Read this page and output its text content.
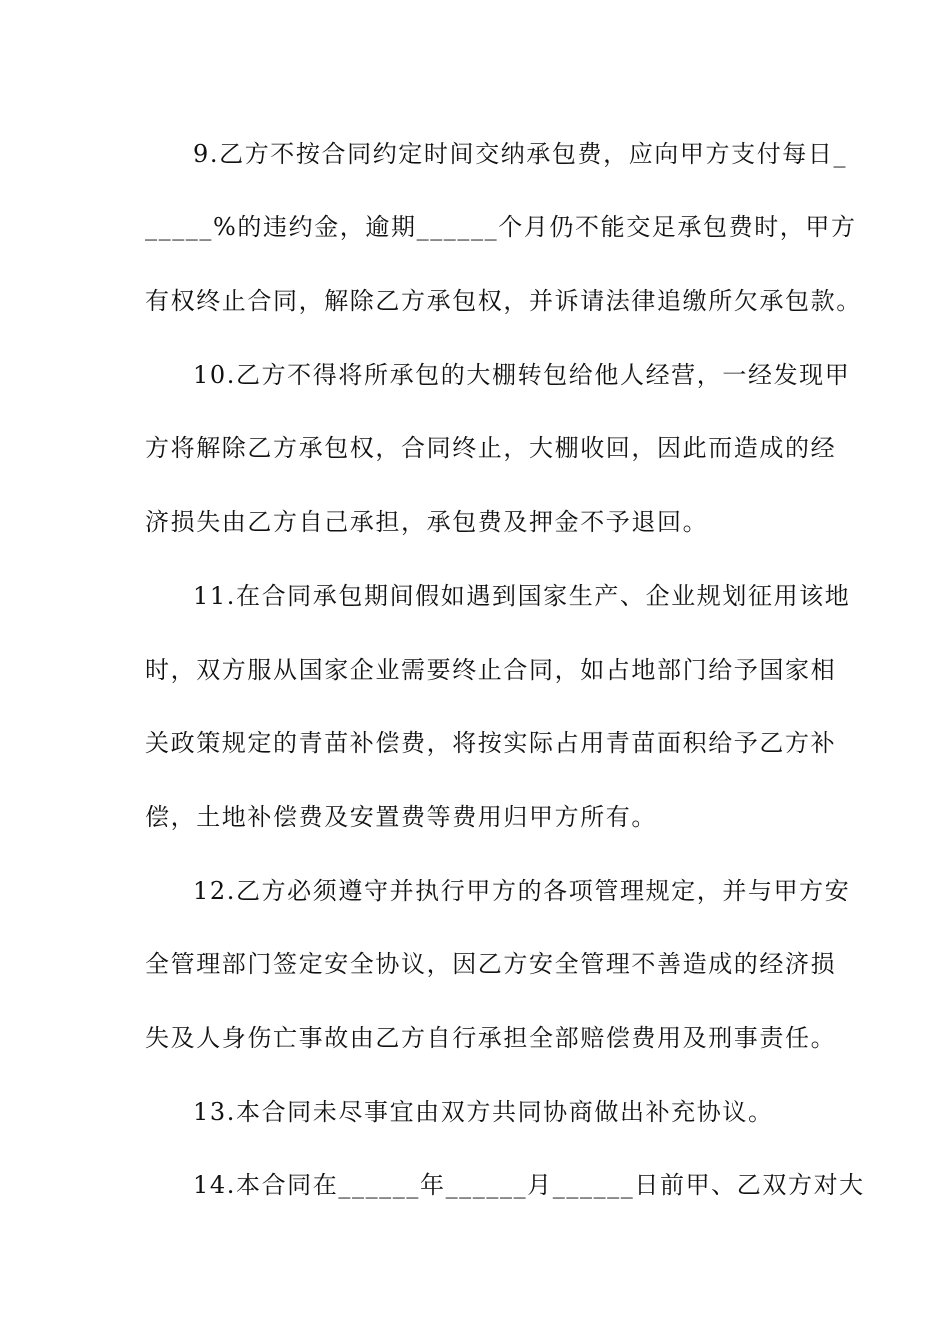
9.乙方不按合同约定时间交纳承包费，应向甲方支付每日_
_____%的违约金，逾期______个月仍不能交足承包费时，甲方
有权终止合同，解除乙方承包权，并诉请法律追缴所欠承包款。
10.乙方不得将所承包的大棚转包给他人经营，一经发现甲
方将解除乙方承包权，合同终止，大棚收回，因此而造成的经
济损失由乙方自己承担，承包费及押金不予退回。
11.在合同承包期间假如遇到国家生产、企业规划征用该地
时，双方服从国家企业需要终止合同，如占地部门给予国家相
关政策规定的青苗补偿费，将按实际占用青苗面积给予乙方补
偿，土地补偿费及安置费等费用归甲方所有。
12.乙方必须遵守并执行甲方的各项管理规定，并与甲方安
全管理部门签定安全协议，因乙方安全管理不善造成的经济损
失及人身伤亡事故由乙方自行承担全部赔偿费用及刑事责任。
13.本合同未尽事宜由双方共同协商做出补充协议。
14.本合同在______年______月______日前甲、乙双方对大
